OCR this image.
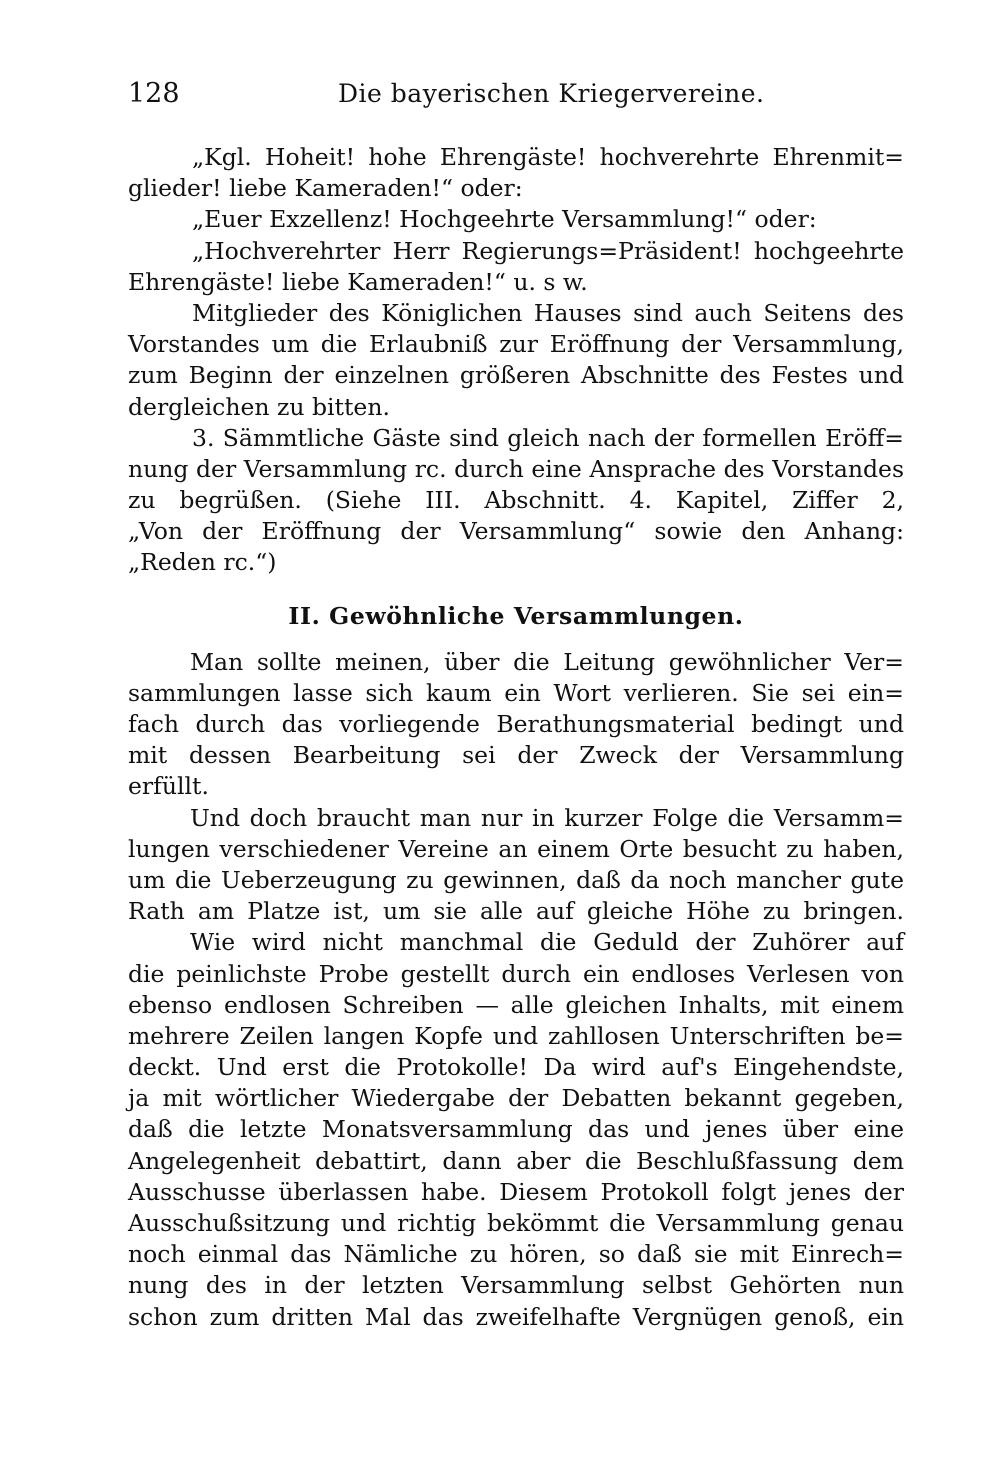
128	Die bayerischen Kriegervereine.
„Kgl. Hoheit! hohe Ehrengäste! hochverehrte Ehrenmit=
glieder! liebe Kameraden!“ oder:
„Euer Exzellenz! Hochgeehrte Versammlung!“ oder:
„Hochverehrter Herr Regierungs=Präsident! hochgeehrte
Ehrengäste! liebe Kameraden!“ u. s w.
Mitglieder des Königlichen Hauses sind auch Seitens des
Vorstandes um die Erlaubniß zur Eröffnung der Versammlung,
zum Beginn der einzelnen größeren Abschnitte des Festes und
dergleichen zu bitten.
3. Sämmtliche Gäste sind gleich nach der formellen Eröff=
nung der Versammlung rc. durch eine Ansprache des Vorstandes
zu begrüßen. (Siehe III. Abschnitt. 4. Kapitel, Ziffer 2,
„Von der Eröffnung der Versammlung“ sowie den Anhang:
„Reden rc.“)
II. Gewöhnliche Versammlungen.
Man sollte meinen, über die Leitung gewöhnlicher Ver=
sammlungen lasse sich kaum ein Wort verlieren. Sie sei ein=
fach durch das vorliegende Berathungsmaterial bedingt und
mit dessen Bearbeitung sei der Zweck der Versammlung
erfüllt.
Und doch braucht man nur in kurzer Folge die Versamm=
lungen verschiedener Vereine an einem Orte besucht zu haben,
um die Ueberzeugung zu gewinnen, daß da noch mancher gute
Rath am Platze ist, um sie alle auf gleiche Höhe zu bringen.
Wie wird nicht manchmal die Geduld der Zuhörer auf
die peinlichste Probe gestellt durch ein endloses Verlesen von
ebenso endlosen Schreiben — alle gleichen Inhalts, mit einem
mehrere Zeilen langen Kopfe und zahllosen Unterschriften be=
deckt. Und erst die Protokolle! Da wird auf's Eingehendste,
ja mit wörtlicher Wiedergabe der Debatten bekannt gegeben,
daß die letzte Monatsversammlung das und jenes über eine
Angelegenheit debattirt, dann aber die Beschlußfassung dem
Ausschusse überlassen habe. Diesem Protokoll folgt jenes der
Ausschußsitzung und richtig bekömmt die Versammlung genau
noch einmal das Nämliche zu hören, so daß sie mit Einrech=
nung des in der letzten Versammlung selbst Gehörten nun
schon zum dritten Mal das zweifelhafte Vergnügen genoß, ein
